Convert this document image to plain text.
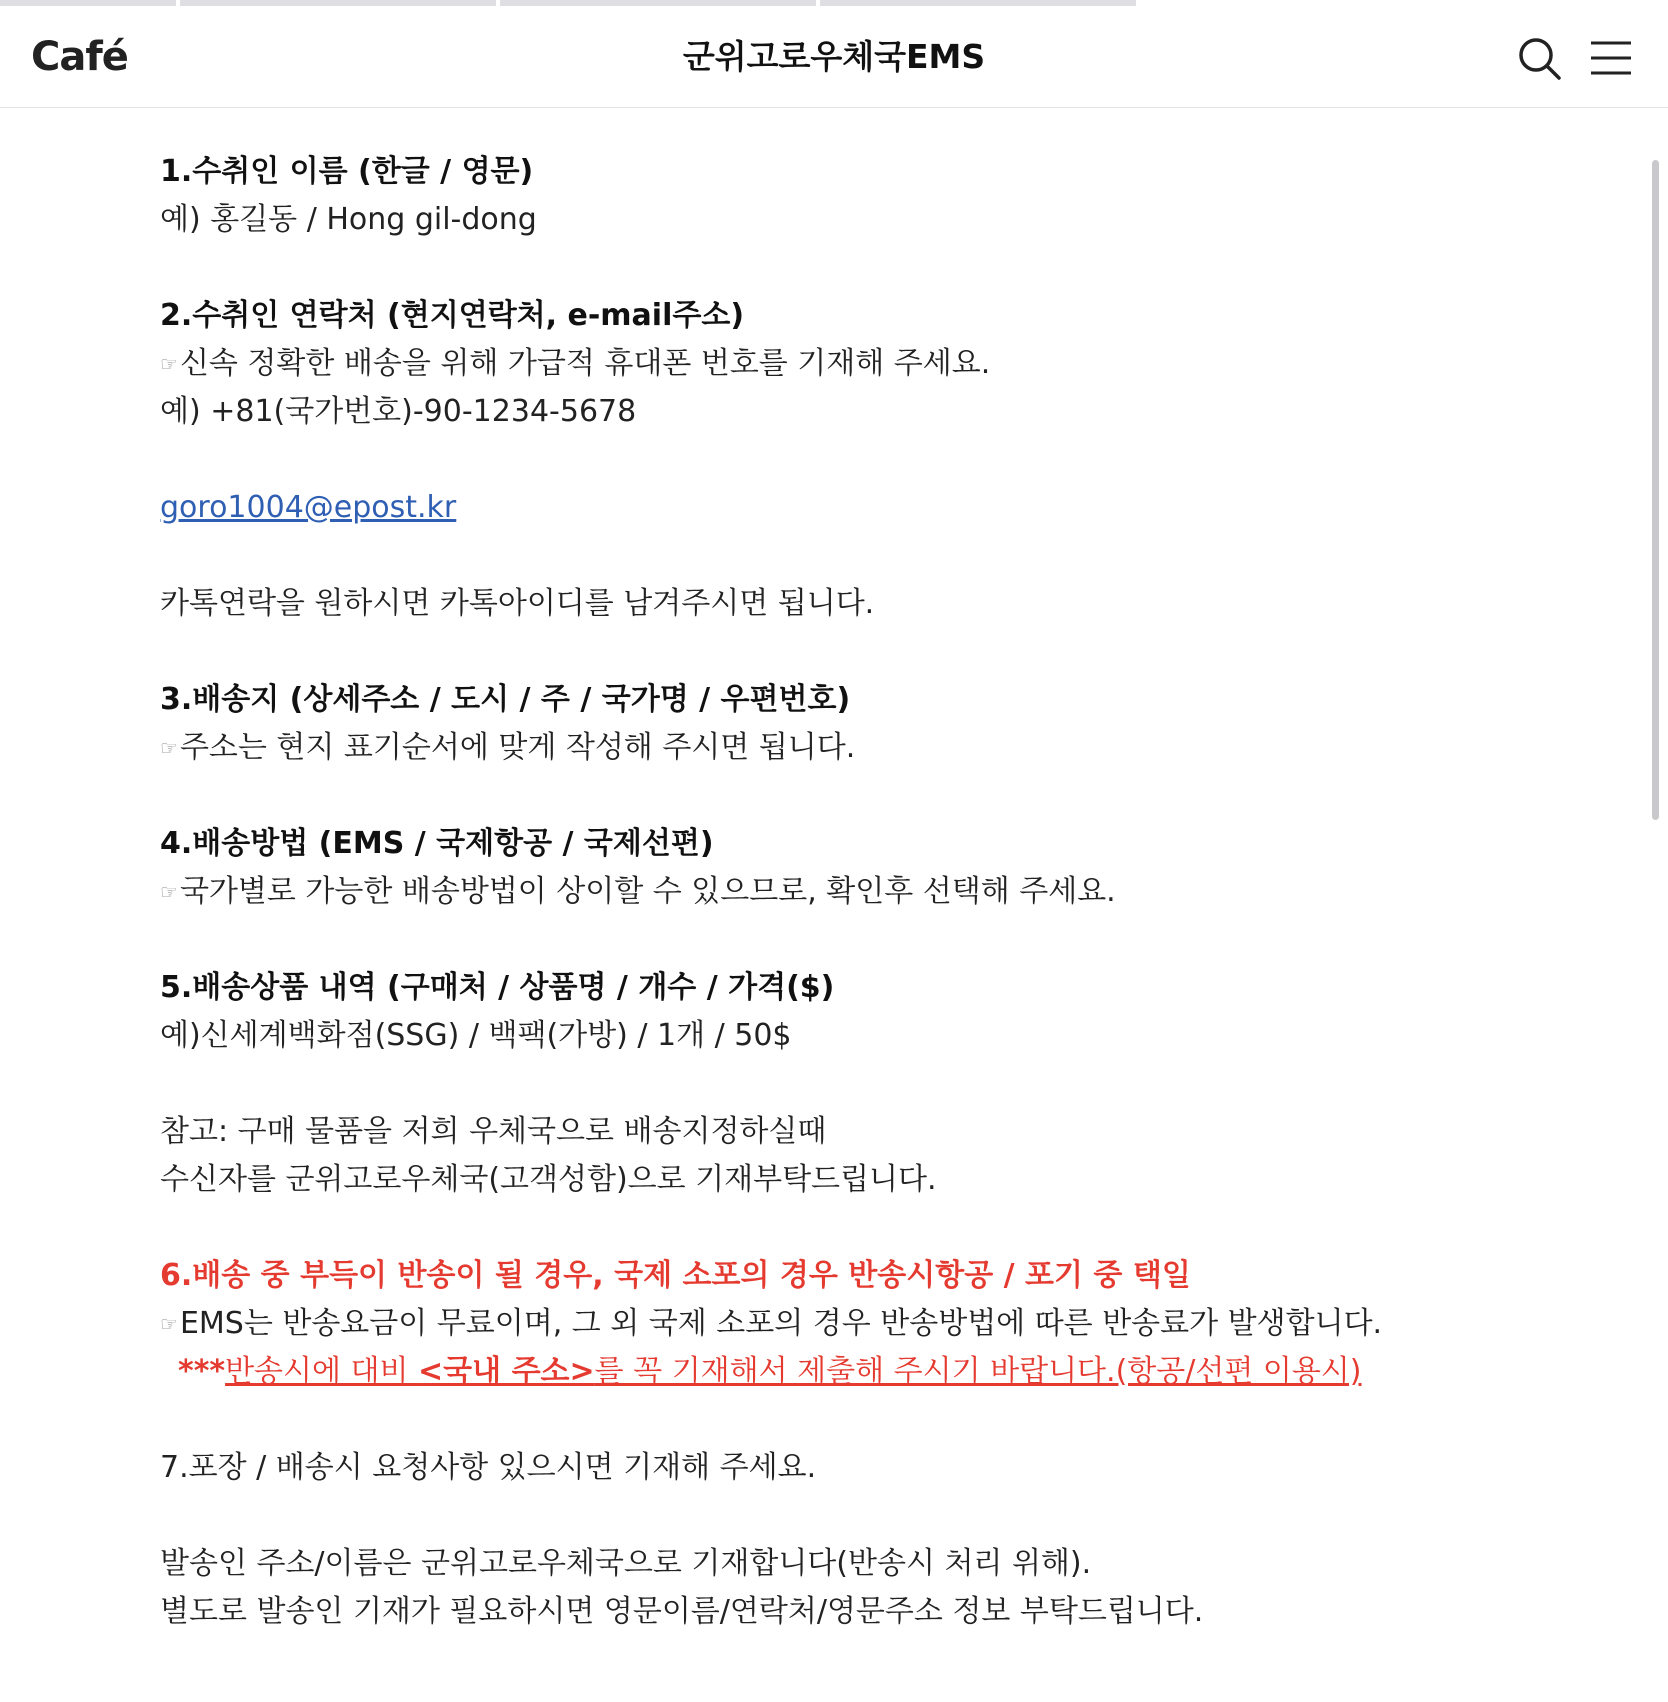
Café	군위고로우체국EMS
1.수취인 이름 (한글 / 영문)
예) 홍길동 / Hong gil-dong
2.수취인 연락처 (현지연락처, e-mail주소)
☞신속 정확한 배송을 위해 가급적 휴대폰 번호를 기재해 주세요.
예) +81(국가번호)-90-1234-5678
goro1004@epost.kr
카톡연락을 원하시면 카톡아이디를 남겨주시면 됩니다.
3.배송지 (상세주소 / 도시 / 주 / 국가명 / 우편번호)
☞주소는 현지 표기순서에 맞게 작성해 주시면 됩니다.
4.배송방법 (EMS / 국제항공 / 국제선편)
☞국가별로 가능한 배송방법이 상이할 수 있으므로, 확인후 선택해 주세요.
5.배송상품 내역 (구매처 / 상품명 / 개수 / 가격($)
예)신세계백화점(SSG) / 백팩(가방) / 1개 / 50$
참고: 구매 물품을 저희 우체국으로 배송지정하실때
수신자를 군위고로우체국(고객성함)으로 기재부탁드립니다.
6.배송 중 부득이 반송이 될 경우, 국제 소포의 경우 반송시항공 / 포기 중 택일
☞EMS는 반송요금이 무료이며, 그 외 국제 소포의 경우 반송방법에 따른 반송료가 발생합니다.
***반송시에 대비 <국내 주소>를 꼭 기재해서 제출해 주시기 바랍니다.(항공/선편 이용시)
7.포장 / 배송시 요청사항 있으시면 기재해 주세요.
발송인 주소/이름은 군위고로우체국으로 기재합니다(반송시 처리 위해).
별도로 발송인 기재가 필요하시면 영문이름/연락처/영문주소 정보 부탁드립니다.
